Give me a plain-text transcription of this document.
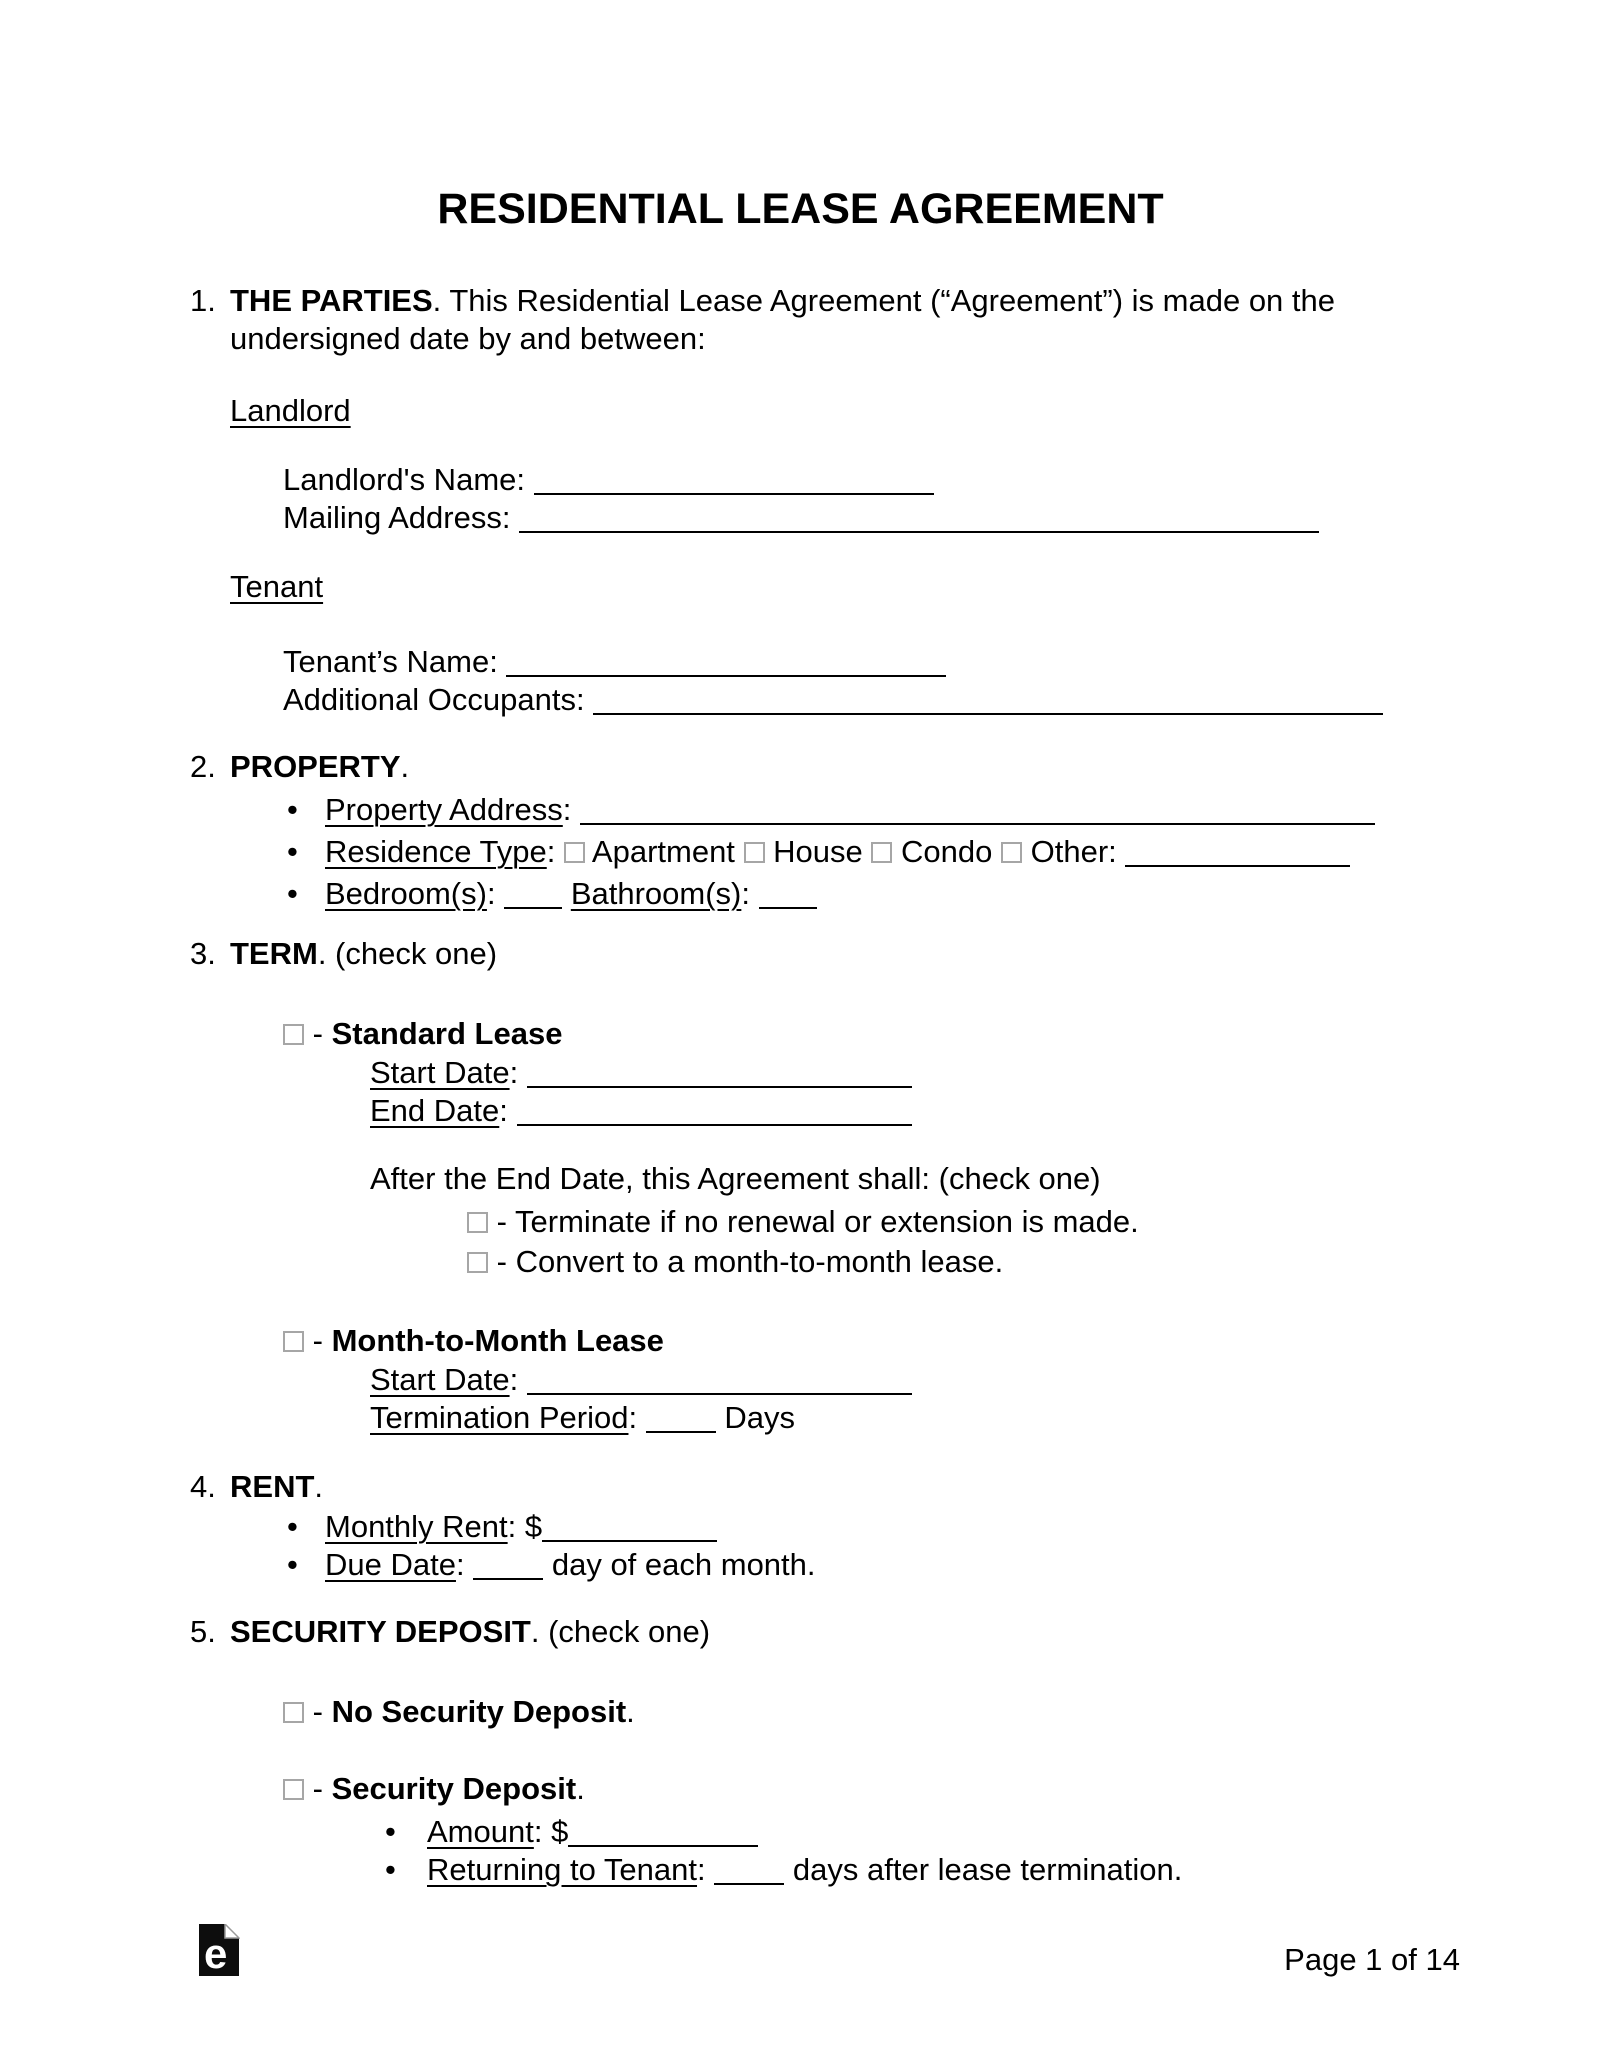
RESIDENTIAL LEASE AGREEMENT
1. THE PARTIES. This Residential Lease Agreement (“Agreement”) is made on the undersigned date by and between:

Landlord
Landlord's Name:
Mailing Address:
Tenant
Tenant’s Name:
Additional Occupants:
2. PROPERTY.
• Property Address:
• Residence Type: Apartment House Condo Other:
• Bedroom(s): Bathroom(s):
3. TERM. (check one)
- Standard Lease
Start Date:
End Date:
After the End Date, this Agreement shall: (check one)
- Terminate if no renewal or extension is made.
- Convert to a month-to-month lease.
- Month-to-Month Lease
Start Date:
Termination Period:	Days
4. RENT.
• Monthly Rent: $
• Due Date:	day of each month.
5. SECURITY DEPOSIT. (check one)
- No Security Deposit.
- Security Deposit.
• Amount: $
• Returning to Tenant:	days after lease termination.
e	Page 1 of 14
